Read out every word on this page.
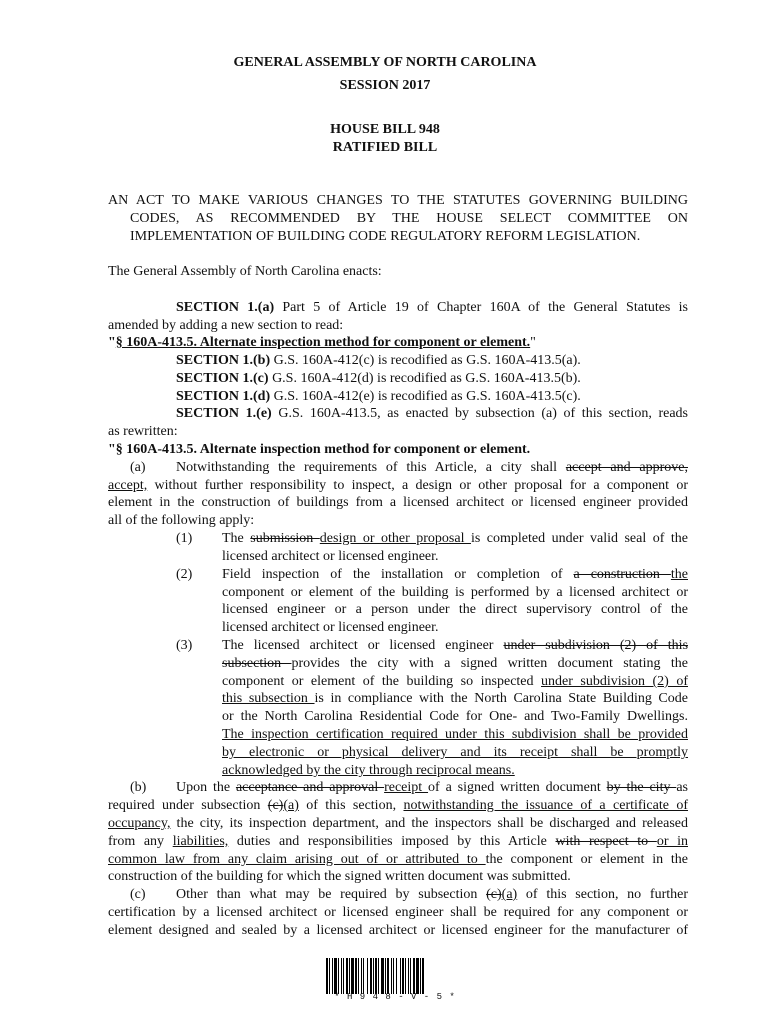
GENERAL ASSEMBLY OF NORTH CAROLINA
SESSION 2017
HOUSE BILL 948
RATIFIED BILL
AN ACT TO MAKE VARIOUS CHANGES TO THE STATUTES GOVERNING BUILDING
CODES, AS RECOMMENDED BY THE HOUSE SELECT COMMITTEE ON
IMPLEMENTATION OF BUILDING CODE REGULATORY REFORM LEGISLATION.
The General Assembly of North Carolina enacts:
SECTION 1.(a) Part 5 of Article 19 of Chapter 160A of the General Statutes is
amended by adding a new section to read:
"§ 160A-413.5. Alternate inspection method for component or element."
SECTION 1.(b) G.S. 160A-412(c) is recodified as G.S. 160A-413.5(a).
SECTION 1.(c) G.S. 160A-412(d) is recodified as G.S. 160A-413.5(b).
SECTION 1.(d) G.S. 160A-412(e) is recodified as G.S. 160A-413.5(c).
SECTION 1.(e) G.S. 160A-413.5, as enacted by subsection (a) of this section, reads
as rewritten:
"§ 160A-413.5. Alternate inspection method for component or element.
(a)	Notwithstanding the requirements of this Article, a city shall accept and approve,
accept, without further responsibility to inspect, a design or other proposal for a component or
element in the construction of buildings from a licensed architect or licensed engineer provided
all of the following apply:
(1)	The submission design or other proposal is completed under valid seal of the
licensed architect or licensed engineer.
(2)	Field inspection of the installation or completion of a construction the
component or element of the building is performed by a licensed architect or
licensed engineer or a person under the direct supervisory control of the
licensed architect or licensed engineer.
(3)	The licensed architect or licensed engineer under subdivision (2) of this
subsection provides the city with a signed written document stating the
component or element of the building so inspected under subdivision (2) of
this subsection is in compliance with the North Carolina State Building Code
or the North Carolina Residential Code for One- and Two-Family Dwellings.
The inspection certification required under this subdivision shall be provided
by electronic or physical delivery and its receipt shall be promptly
acknowledged by the city through reciprocal means.
(b)	Upon the acceptance and approval receipt of a signed written document by the city as
required under subsection (c)(a) of this section, notwithstanding the issuance of a certificate of
occupancy, the city, its inspection department, and the inspectors shall be discharged and released
from any liabilities, duties and responsibilities imposed by this Article with respect to or in
common law from any claim arising out of or attributed to the component or element in the
construction of the building for which the signed written document was submitted.
(c)	Other than what may be required by subsection (c)(a) of this section, no further
certification by a licensed architect or licensed engineer shall be required for any component or
element designed and sealed by a licensed architect or licensed engineer for the manufacturer of
* H 9 4 8 - V - 5 *
